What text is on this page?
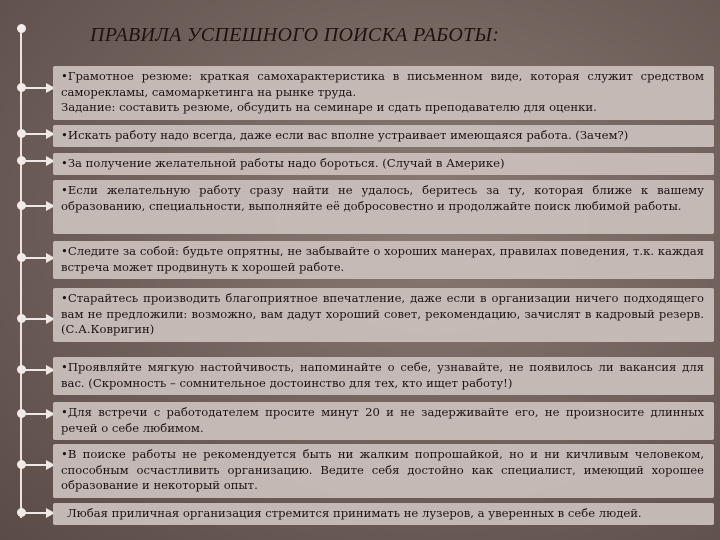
ПРАВИЛА УСПЕШНОГО ПОИСКА РАБОТЫ:
•Грамотное резюме: краткая самохарактеристика в письменном виде, которая служит средством саморекламы, самомаркетинга на рынке труда.
Задание: составить резюме, обсудить на семинаре и сдать преподавателю для оценки.
•Искать работу надо всегда, даже если вас вполне устраивает имеющаяся работа. (Зачем?)
•За получение желательной работы надо бороться. (Случай в Америке)
•Если желательную работу сразу найти не удалось, беритесь за ту, которая ближе к вашему образованию, специальности, выполняйте её добросовестно и продолжайте поиск любимой работы.
•Следите за собой: будьте опрятны, не забывайте о хороших манерах, правилах поведения, т.к. каждая встреча может продвинуть к хорошей работе.
•Старайтесь производить благоприятное впечатление, даже если в организации ничего подходящего вам не предложили: возможно, вам дадут хороший совет, рекомендацию, зачислят в кадровый резерв. (С.А.Ковригин)
•Проявляйте мягкую настойчивость, напоминайте о себе, узнавайте, не появилось ли вакансия для вас. (Скромность – сомнительное достоинство для тех, кто ищет работу!)
•Для встречи с работодателем просите минут 20 и не задерживайте его, не произносите длинных речей о себе любимом.
•В поиске работы не рекомендуется быть ни жалким попрошайкой, но и ни кичливым человеком, способным осчастливить организацию. Ведите себя достойно как специалист, имеющий хорошее образование и некоторый опыт.
Любая приличная организация стремится принимать не лузеров, а уверенных в себе людей.
